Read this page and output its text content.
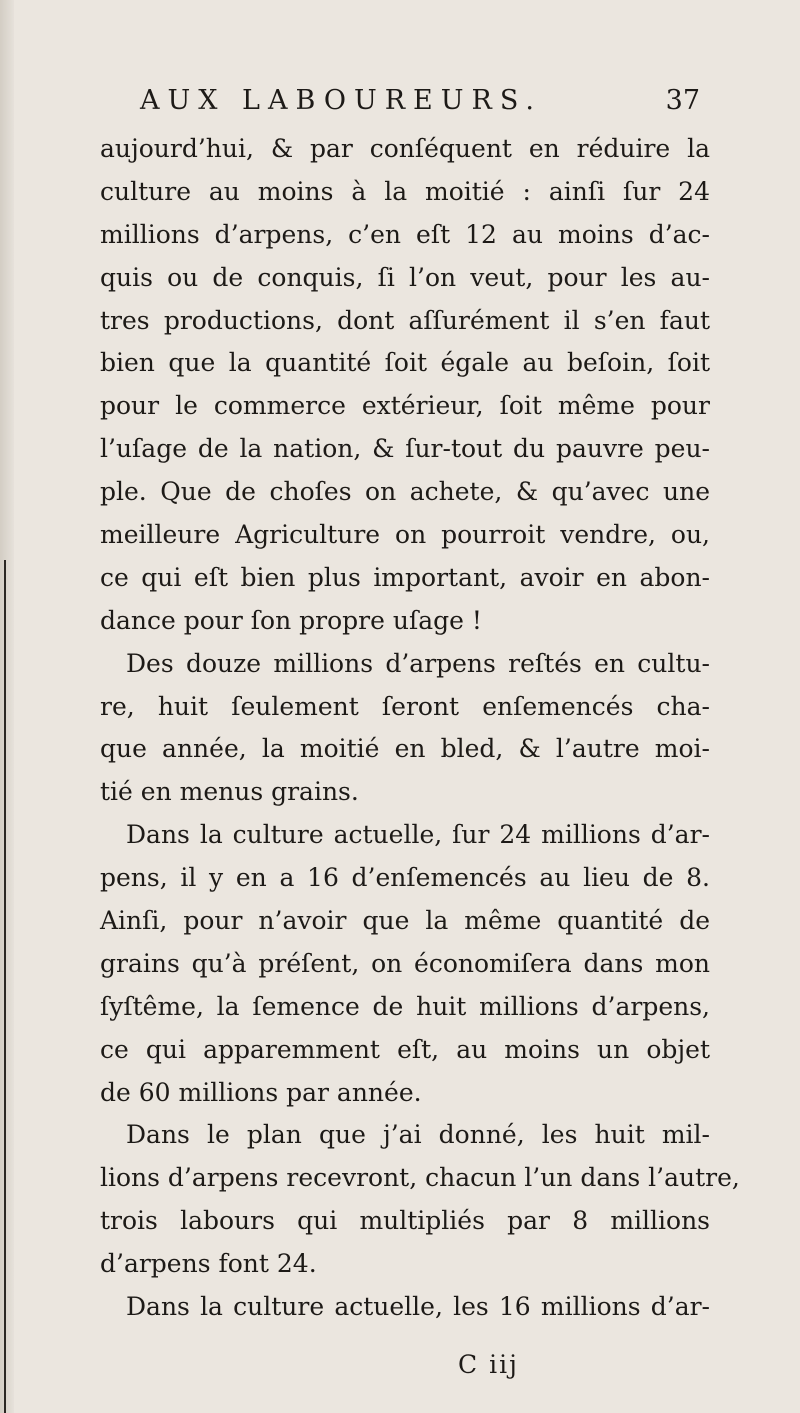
AUX LABOUREURS.	37
aujourd’hui, & par conſéquent en réduire la
culture au moins à la moitié : ainſi ſur 24
millions d’arpens, c’en eſt 12 au moins d’ac-
quis ou de conquis, ſi l’on veut, pour les au-
tres productions, dont aſſurément il s’en faut
bien que la quantité ſoit égale au beſoin, ſoit
pour le commerce extérieur, ſoit même pour
l’uſage de la nation, & ſur-tout du pauvre peu-
ple. Que de choſes on achete, & qu’avec une
meilleure Agriculture on pourroit vendre, ou,
ce qui eſt bien plus important, avoir en abon-
dance pour ſon propre uſage !
Des douze millions d’arpens reſtés en cultu-
re, huit ſeulement ſeront enſemencés cha-
que année, la moitié en bled, & l’autre moi-
tié en menus grains.
Dans la culture actuelle, ſur 24 millions d’ar-
pens, il y en a 16 d’enſemencés au lieu de 8.
Ainſi, pour n’avoir que la même quantité de
grains qu’à préſent, on économiſera dans mon
ſyſtême, la ſemence de huit millions d’arpens,
ce qui apparemment eſt, au moins un objet
de 60 millions par année.
Dans le plan que j’ai donné, les huit mil-
lions d’arpens recevront, chacun l’un dans l’autre,
trois labours qui multipliés par 8 millions
d’arpens font 24.
Dans la culture actuelle, les 16 millions d’ar-
C iij
